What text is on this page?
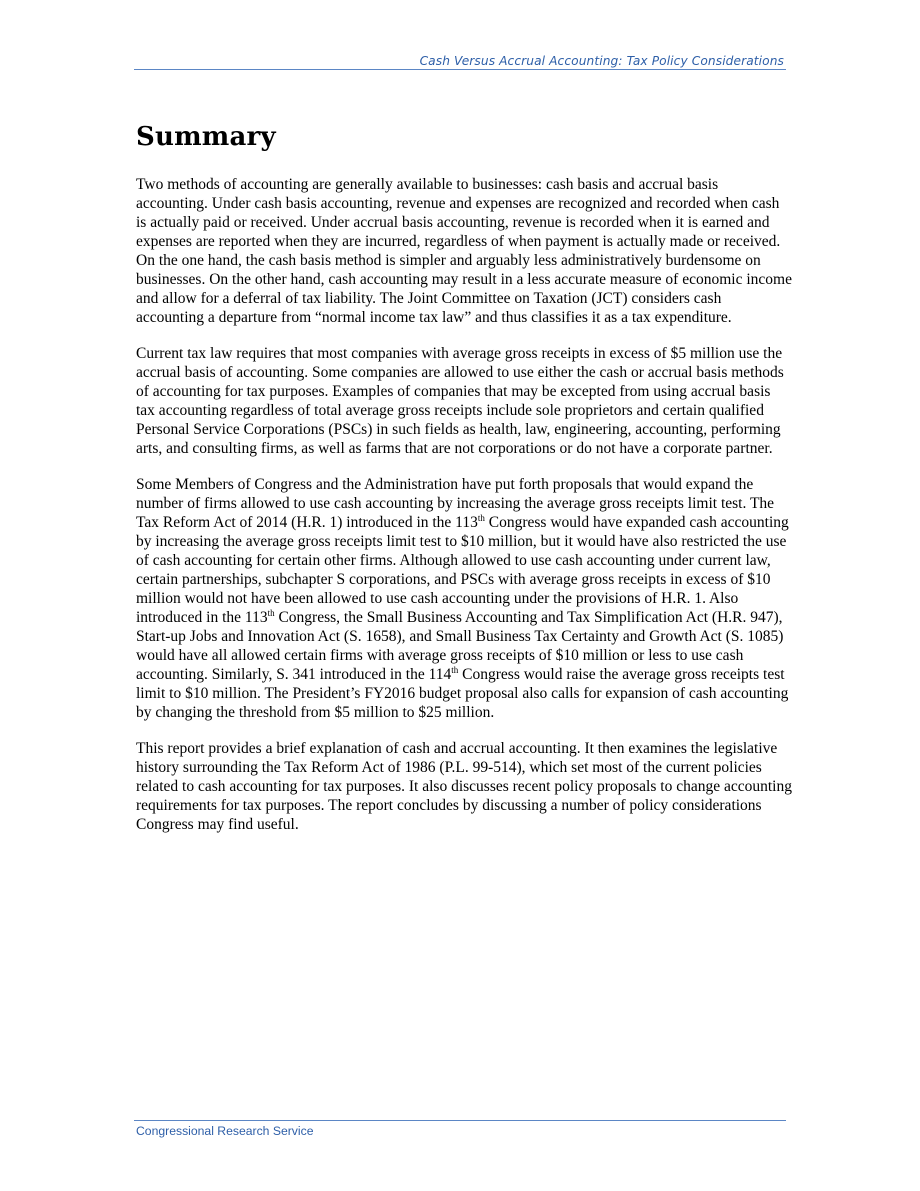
Cash Versus Accrual Accounting: Tax Policy Considerations
Summary

Two methods of accounting are generally available to businesses: cash basis and accrual basis accounting. Under cash basis accounting, revenue and expenses are recognized and recorded when cash is actually paid or received. Under accrual basis accounting, revenue is recorded when it is earned and expenses are reported when they are incurred, regardless of when payment is actually made or received. On the one hand, the cash basis method is simpler and arguably less administratively burdensome on businesses. On the other hand, cash accounting may result in a less accurate measure of economic income and allow for a deferral of tax liability. The Joint Committee on Taxation (JCT) considers cash accounting a departure from “normal income tax law” and thus classifies it as a tax expenditure.

Current tax law requires that most companies with average gross receipts in excess of $5 million use the accrual basis of accounting. Some companies are allowed to use either the cash or accrual basis methods of accounting for tax purposes. Examples of companies that may be excepted from using accrual basis tax accounting regardless of total average gross receipts include sole proprietors and certain qualified Personal Service Corporations (PSCs) in such fields as health, law, engineering, accounting, performing arts, and consulting firms, as well as farms that are not corporations or do not have a corporate partner.

Some Members of Congress and the Administration have put forth proposals that would expand the number of firms allowed to use cash accounting by increasing the average gross receipts limit test. The Tax Reform Act of 2014 (H.R. 1) introduced in the 113th Congress would have expanded cash accounting by increasing the average gross receipts limit test to $10 million, but it would have also restricted the use of cash accounting for certain other firms. Although allowed to use cash accounting under current law, certain partnerships, subchapter S corporations, and PSCs with average gross receipts in excess of $10 million would not have been allowed to use cash accounting under the provisions of H.R. 1. Also introduced in the 113th Congress, the Small Business Accounting and Tax Simplification Act (H.R. 947), Start-up Jobs and Innovation Act (S. 1658), and Small Business Tax Certainty and Growth Act (S. 1085) would have all allowed certain firms with average gross receipts of $10 million or less to use cash accounting. Similarly, S. 341 introduced in the 114th Congress would raise the average gross receipts test limit to $10 million. The President’s FY2016 budget proposal also calls for expansion of cash accounting by changing the threshold from $5 million to $25 million.

This report provides a brief explanation of cash and accrual accounting. It then examines the legislative history surrounding the Tax Reform Act of 1986 (P.L. 99-514), which set most of the current policies related to cash accounting for tax purposes. It also discusses recent policy proposals to change accounting requirements for tax purposes. The report concludes by discussing a number of policy considerations Congress may find useful.

Congressional Research Service
